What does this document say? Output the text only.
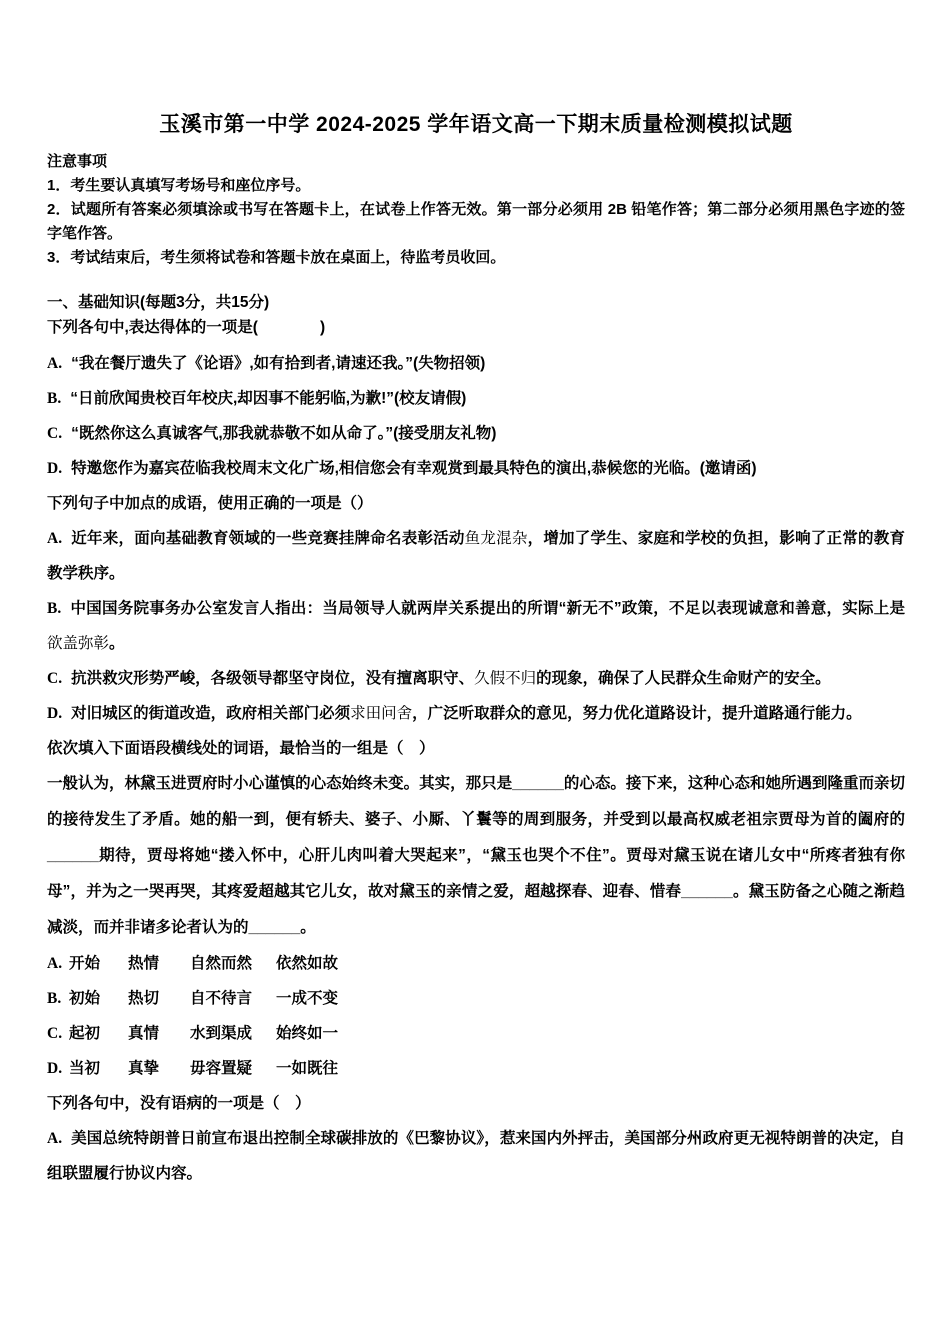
玉溪市第一中学 2024-2025 学年语文高一下期末质量检测模拟试题
注意事项
1．考生要认真填写考场号和座位序号。
2．试题所有答案必须填涂或书写在答题卡上，在试卷上作答无效。第一部分必须用 2B 铅笔作答；第二部分必须用黑色字迹的签字笔作答。
3．考试结束后，考生须将试卷和答题卡放在桌面上，待监考员收回。
一、基础知识(每题3分，共15分)
下列各句中,表达得体的一项是(　　　　)
A. “我在餐厅遗失了《论语》,如有拾到者,请速还我。”(失物招领)
B. “日前欣闻贵校百年校庆,却因事不能躬临,为歉!”(校友请假)
C. “既然你这么真诚客气,那我就恭敬不如从命了。”(接受朋友礼物)
D. 特邀您作为嘉宾莅临我校周末文化广场,相信您会有幸观赏到最具特色的演出,恭候您的光临。(邀请函)
下列句子中加点的成语，使用正确的一项是（）
A. 近年来，面向基础教育领域的一些竞赛挂牌命名表彰活动鱼龙混杂，增加了学生、家庭和学校的负担，影响了正常的教育教学秩序。
B. 中国国务院事务办公室发言人指出：当局领导人就两岸关系提出的所谓“新无不”政策，不足以表现诚意和善意，实际上是欲盖弥彰。
C. 抗洪救灾形势严峻，各级领导都坚守岗位，没有擅离职守、久假不归的现象，确保了人民群众生命财产的安全。
D. 对旧城区的街道改造，政府相关部门必须求田问舍，广泛听取群众的意见，努力优化道路设计，提升道路通行能力。
依次填入下面语段横线处的词语，最恰当的一组是（　）
一般认为，林黛玉进贾府时小心谨慎的心态始终未变。其实，那只是______的心态。接下来，这种心态和她所遇到隆重而亲切的接待发生了矛盾。她的船一到，便有轿夫、婆子、小厮、丫鬟等的周到服务，并受到以最高权威老祖宗贾母为首的阖府的______期待，贾母将她“搂入怀中，心肝儿肉叫着大哭起来”，“黛玉也哭个不住”。贾母对黛玉说在诸儿女中“所疼者独有你母”，并为之一哭再哭，其疼爱超越其它儿女，故对黛玉的亲情之爱，超越探春、迎春、惜春______。黛玉防备之心随之渐趋减淡，而并非诸多论者认为的______。
A. 开始	热情	自然而然	依然如故
B. 初始	热切	自不待言	一成不变
C. 起初	真情	水到渠成	始终如一
D. 当初	真挚	毋容置疑	一如既往
下列各句中，没有语病的一项是（　）
A. 美国总统特朗普日前宣布退出控制全球碳排放的《巴黎协议》，惹来国内外抨击，美国部分州政府更无视特朗普的决定，自组联盟履行协议内容。
